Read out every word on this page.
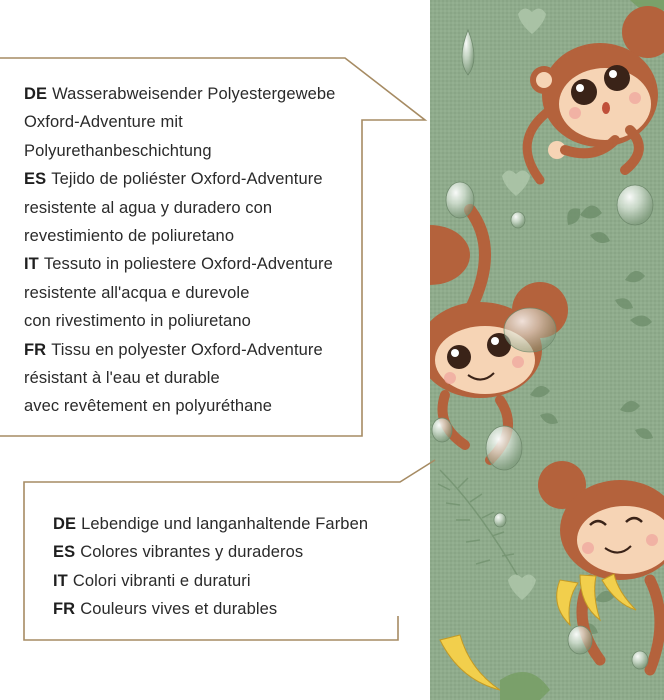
DE Wasserabweisender Polyestergewebe
Oxford-Adventure mit
Polyurethanbeschichtung
ES Tejido de poliéster Oxford-Adventure
resistente al agua y duradero con
revestimiento de poliuretano
IT Tessuto in poliestere Oxford-Adventure
resistente all'acqua e durevole
con rivestimento in poliuretano
FR Tissu en polyester Oxford-Adventure
résistant à l'eau et durable
avec revêtement en polyuréthane
DE Lebendige und langanhaltende Farben
ES Colores vibrantes y duraderos
IT Colori vibranti e duraturi
FR Couleurs vives et durables
